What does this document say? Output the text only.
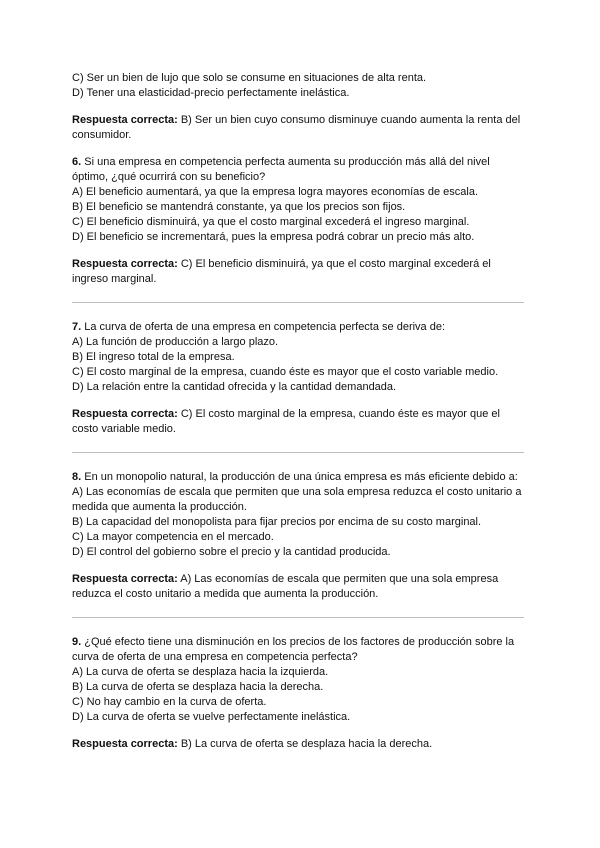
C) Ser un bien de lujo que solo se consume en situaciones de alta renta.
D) Tener una elasticidad-precio perfectamente inelástica.
Respuesta correcta: B) Ser un bien cuyo consumo disminuye cuando aumenta la renta del
consumidor.
6. Si una empresa en competencia perfecta aumenta su producción más allá del nivel
óptimo, ¿qué ocurrirá con su beneficio?
A) El beneficio aumentará, ya que la empresa logra mayores economías de escala.
B) El beneficio se mantendrá constante, ya que los precios son fijos.
C) El beneficio disminuirá, ya que el costo marginal excederá el ingreso marginal.
D) El beneficio se incrementará, pues la empresa podrá cobrar un precio más alto.
Respuesta correcta: C) El beneficio disminuirá, ya que el costo marginal excederá el
ingreso marginal.
7. La curva de oferta de una empresa en competencia perfecta se deriva de:
A) La función de producción a largo plazo.
B) El ingreso total de la empresa.
C) El costo marginal de la empresa, cuando éste es mayor que el costo variable medio.
D) La relación entre la cantidad ofrecida y la cantidad demandada.
Respuesta correcta: C) El costo marginal de la empresa, cuando éste es mayor que el
costo variable medio.
8. En un monopolio natural, la producción de una única empresa es más eficiente debido a:
A) Las economías de escala que permiten que una sola empresa reduzca el costo unitario a
medida que aumenta la producción.
B) La capacidad del monopolista para fijar precios por encima de su costo marginal.
C) La mayor competencia en el mercado.
D) El control del gobierno sobre el precio y la cantidad producida.
Respuesta correcta: A) Las economías de escala que permiten que una sola empresa
reduzca el costo unitario a medida que aumenta la producción.
9. ¿Qué efecto tiene una disminución en los precios de los factores de producción sobre la
curva de oferta de una empresa en competencia perfecta?
A) La curva de oferta se desplaza hacia la izquierda.
B) La curva de oferta se desplaza hacia la derecha.
C) No hay cambio en la curva de oferta.
D) La curva de oferta se vuelve perfectamente inelástica.
Respuesta correcta: B) La curva de oferta se desplaza hacia la derecha.
